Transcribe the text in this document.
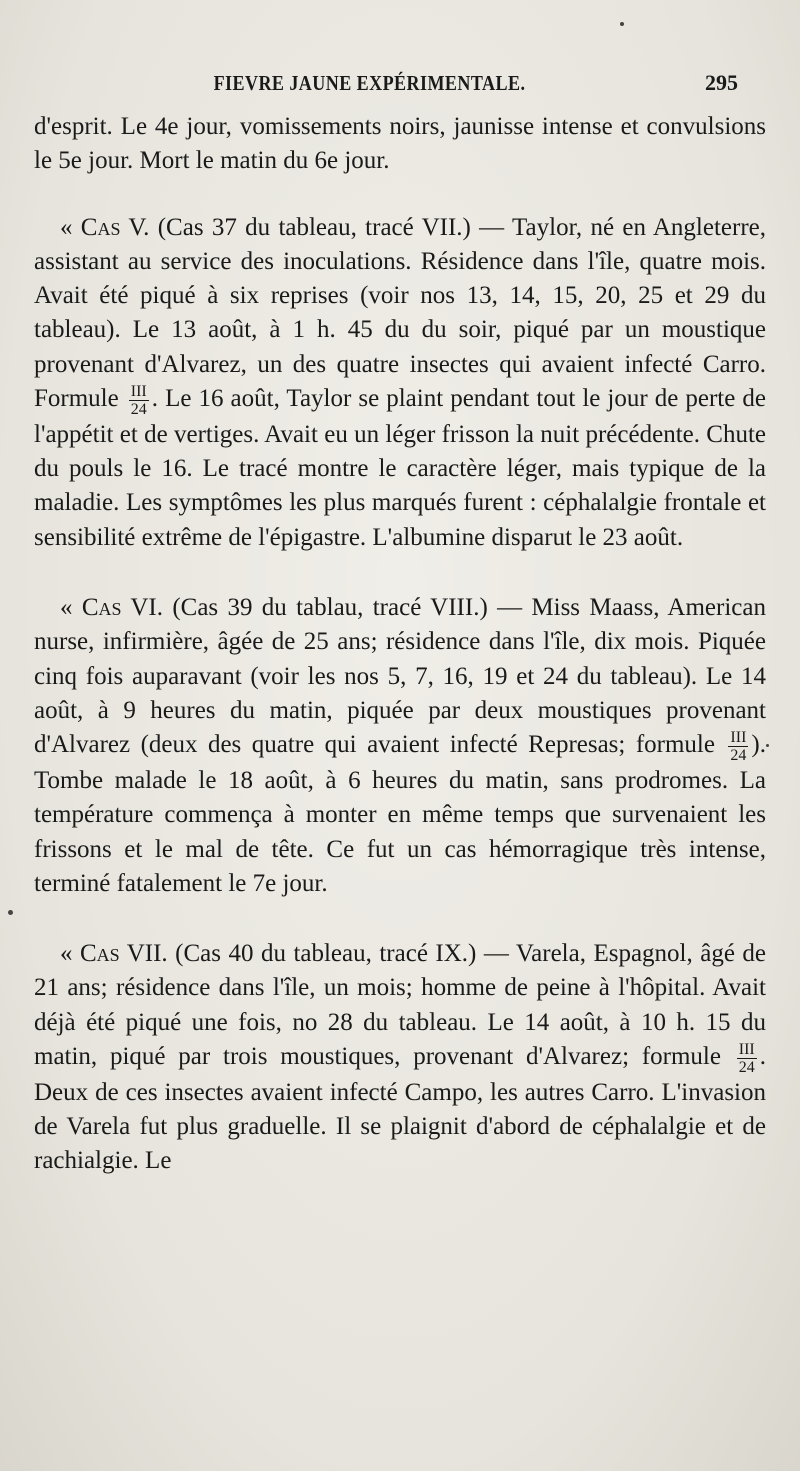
FIEVRE JAUNE EXPÉRIMENTALE.	295

d'esprit. Le 4e jour, vomissements noirs, jaunisse intense et convulsions le 5e jour. Mort le matin du 6e jour.

« Cas V. (Cas 37 du tableau, tracé VII.) — Taylor, né en Angleterre, assistant au service des inoculations. Résidence dans l'île, quatre mois. Avait été piqué à six reprises (voir nos 13, 14, 15, 20, 25 et 29 du tableau). Le 13 août, à 1 h. 45 du du soir, piqué par un moustique provenant d'Alvarez, un des quatre insectes qui avaient infecté Carro. Formule $\frac{\text{III}}{24}$ . Le 16 août, Taylor se plaint pendant tout le jour de perte de l'appétit et de vertiges. Avait eu un léger frisson la nuit précédente. Chute du pouls le 16. Le tracé montre le caractère léger, mais typique de la maladie. Les symptômes les plus marqués furent : céphalalgie frontale et sensibilité extrême de l'épigastre. L'albumine disparut le 23 août.

« Cas VI. (Cas 39 du tablau, tracé VIII.) — Miss Maass, American nurse, infirmière, âgée de 25 ans; résidence dans l'île, dix mois. Piquée cinq fois auparavant (voir les nos 5, 7, 16, 19 et 24 du tableau). Le 14 août, à 9 heures du matin, piquée par deux moustiques provenant d'Alvarez (deux des quatre qui avaient infecté Represas; formule $\frac{\text{III}}{24}$ ). Tombe malade le 18 août, à 6 heures du matin, sans prodromes. La température commença à monter en même temps que survenaient les frissons et le mal de tête. Ce fut un cas hémorragique très intense, terminé fatalement le 7e jour.

« Cas VII. (Cas 40 du tableau, tracé IX.) — Varela, Espagnol, âgé de 21 ans; résidence dans l'île, un mois; homme de peine à l'hôpital. Avait déjà été piqué une fois, no 28 du tableau. Le 14 août, à 10 h. 15 du matin, piqué par trois moustiques, provenant d'Alvarez; formule $\frac{\text{III}}{24}$ . Deux de ces insectes avaient infecté Campo, les autres Carro. L'invasion de Varela fut plus graduelle. Il se plaignit d'abord de céphalalgie et de rachialgie. Le
